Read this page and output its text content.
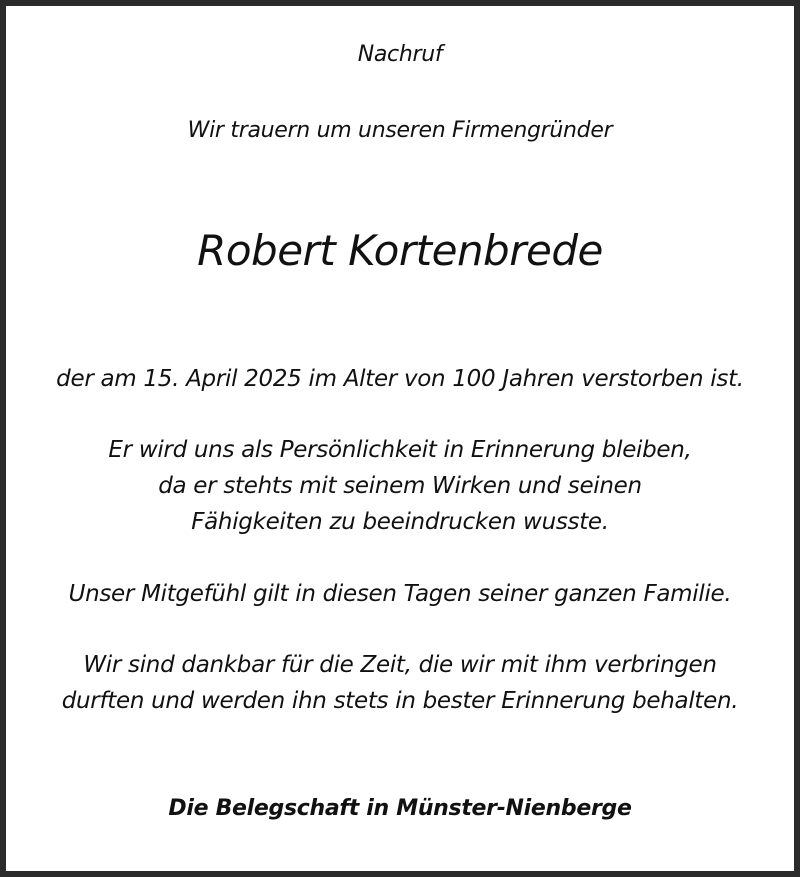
Nachruf
Wir trauern um unseren Firmengründer
Robert Kortenbrede
der am 15. April 2025 im Alter von 100 Jahren verstorben ist.
Er wird uns als Persönlichkeit in Erinnerung bleiben,
da er stehts mit seinem Wirken und seinen
Fähigkeiten zu beeindrucken wusste.
Unser Mitgefühl gilt in diesen Tagen seiner ganzen Familie.
Wir sind dankbar für die Zeit, die wir mit ihm verbringen
durften und werden ihn stets in bester Erinnerung behalten.
Die Belegschaft in Münster-Nienberge
